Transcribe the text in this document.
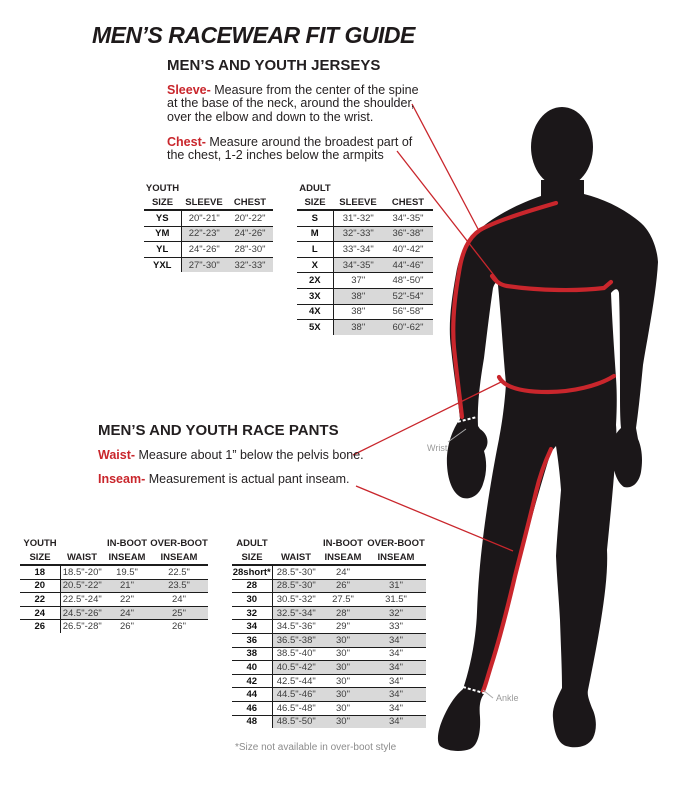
Wrist
Ankle
MEN’S RACEWEAR FIT GUIDE
MEN’S AND YOUTH JERSEYS
Sleeve- Measure from the center of the spine at the base of the neck, around the shoulder, over the elbow and down to the wrist.
Chest- Measure around the broadest part of the chest, 1-2 inches below the armpits
YOUTH		
SIZE	SLEEVE	CHEST
YS	20"-21"	20"-22"
YM	22"-23"	24"-26"
YL	24"-26"	28"-30"
YXL	27"-30"	32"-33"
ADULT		
SIZE	SLEEVE	CHEST
S	31"-32"	34"-35"
M	32"-33"	36"-38"
L	33"-34"	40"-42"
X	34"-35"	44"-46"
2X	37"	48"-50"
3X	38"	52"-54"
4X	38"	56"-58"
5X	38"	60"-62"
MEN’S AND YOUTH RACE PANTS
Waist- Measure about 1” below the pelvis bone.
Inseam- Measurement is actual pant inseam.
YOUTH		IN-BOOT	OVER-BOOT
SIZE	WAIST	INSEAM	INSEAM
18	18.5"-20"	19.5"	22.5"
20	20.5"-22"	21"	23.5"
22	22.5"-24"	22"	24"
24	24.5"-26"	24"	25"
26	26.5"-28"	26"	26"
ADULT		IN-BOOT	OVER-BOOT
SIZE	WAIST	INSEAM	INSEAM
28short*	28.5"-30"	24"	
28	28.5"-30"	26"	31"
30	30.5"-32"	27.5"	31.5"
32	32.5"-34"	28"	32"
34	34.5"-36"	29"	33"
36	36.5"-38"	30"	34"
38	38.5"-40"	30"	34"
40	40.5"-42"	30"	34"
42	42.5"-44"	30"	34"
44	44.5"-46"	30"	34"
46	46.5"-48"	30"	34"
48	48.5"-50"	30"	34"
*Size not available in over-boot style
